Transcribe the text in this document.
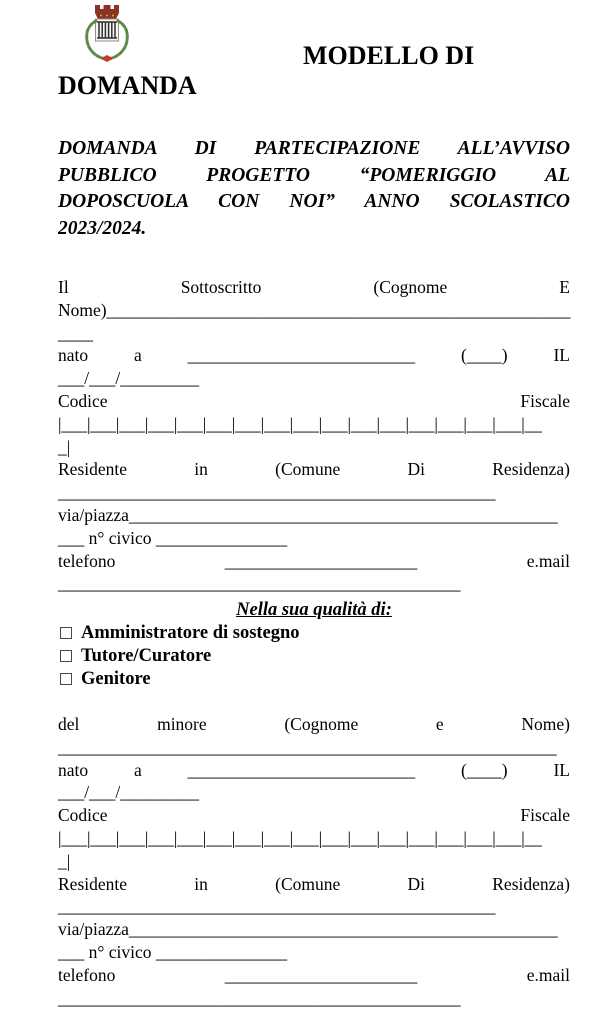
MODELLO DI
DOMANDA
DOMANDA DI PARTECIPAZIONE ALL’AVVISO
PUBBLICO PROGETTO “POMERIGGIO AL
DOPOSCUOLA CON NOI” ANNO SCOLASTICO
2023/2024.
Il Sottoscritto (Cognome E
Nome)_____________________________________________________
____
nato a __________________________ (____) IL
___/___/_________
Codice Fiscale
|___|___|___|___|___|___|___|___|___|___|___|___|___|___|___|___|__
_|
Residente in (Comune Di Residenza)
__________________________________________________
via/piazza_________________________________________________
___ n° civico _______________
telefono ______________________ e.mail
______________________________________________
Nella sua qualità di:
Amministratore di sostegno
Tutore/Curatore
Genitore
del minore (Cognome e Nome)
_________________________________________________________
nato a __________________________ (____) IL
___/___/_________
Codice Fiscale
|___|___|___|___|___|___|___|___|___|___|___|___|___|___|___|___|__
_|
Residente in (Comune Di Residenza)
__________________________________________________
via/piazza_________________________________________________
___ n° civico _______________
telefono ______________________ e.mail
______________________________________________
